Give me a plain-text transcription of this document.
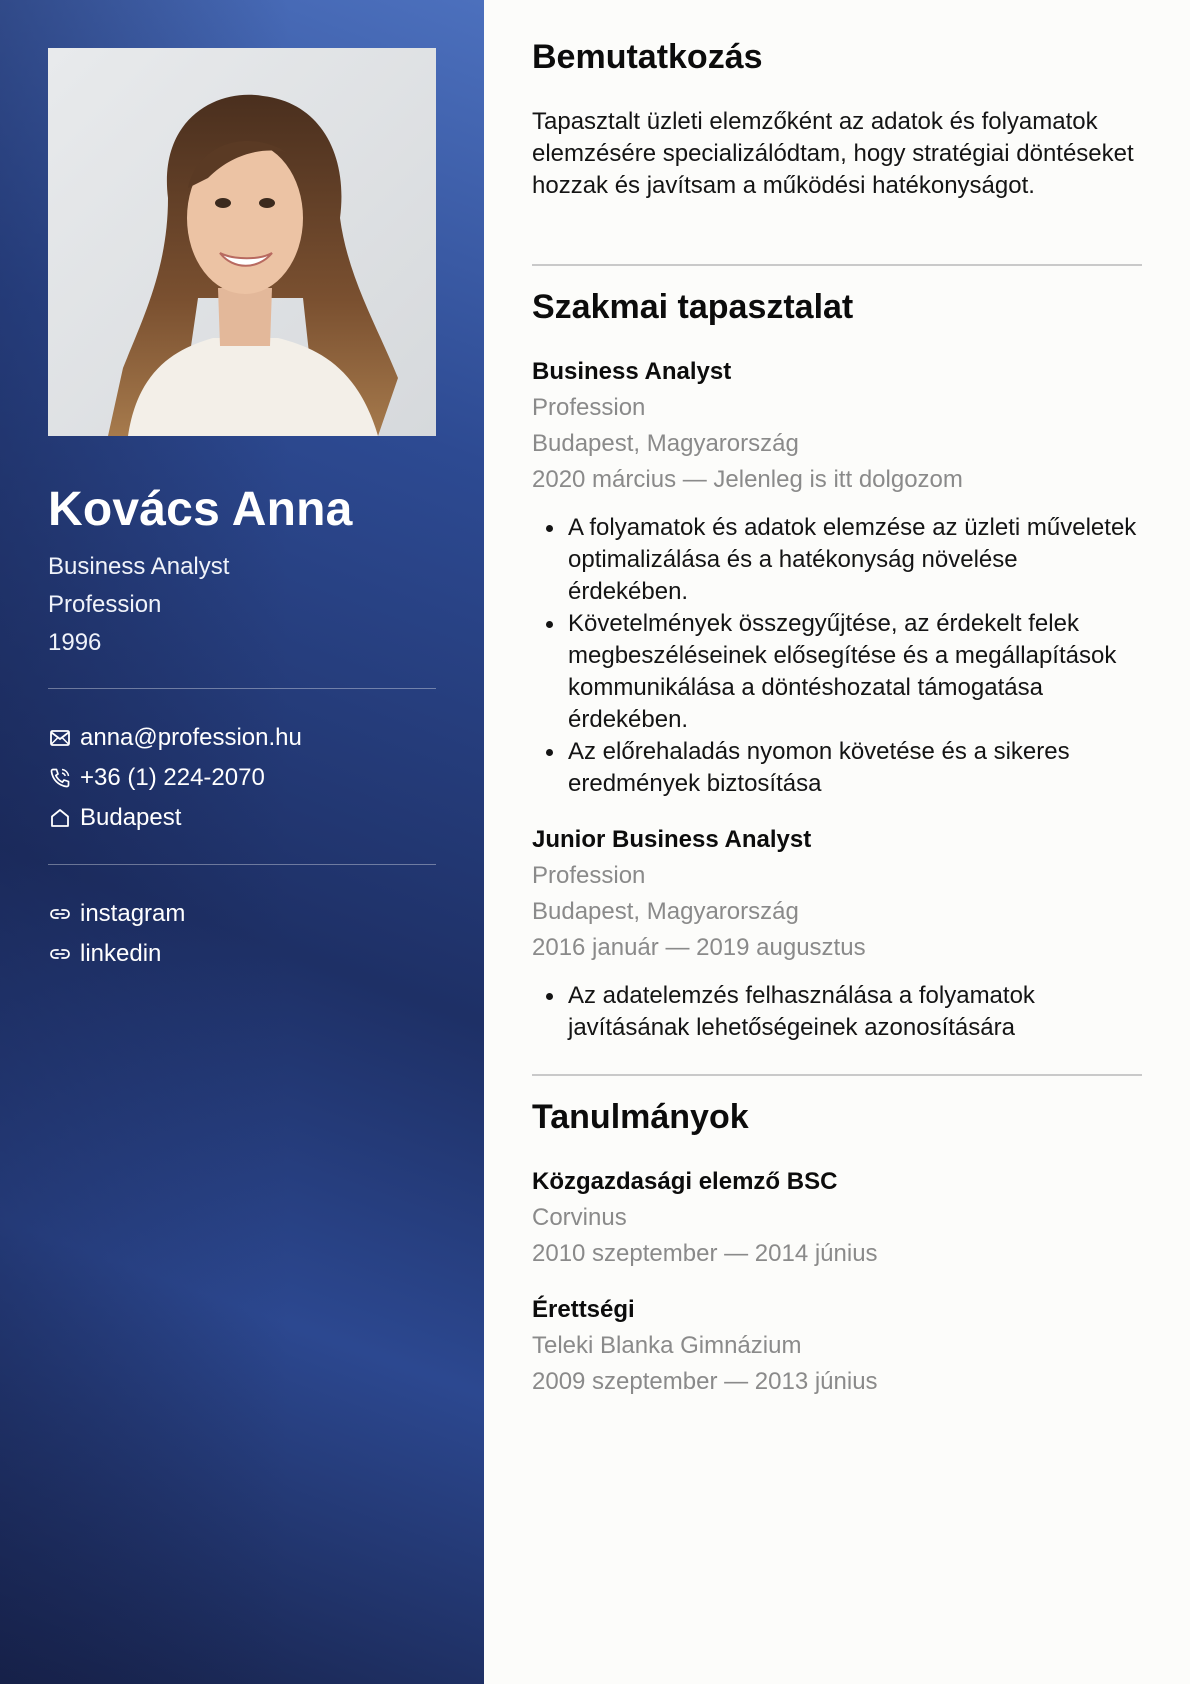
Kovács Anna
Business Analyst
Profession
1996
anna@profession.hu
+36 (1) 224-2070
Budapest
instagram
linkedin
Bemutatkozás
Tapasztalt üzleti elemzőként az adatok és folyamatok elemzésére specializálódtam, hogy stratégiai döntéseket hozzak és javítsam a működési hatékonyságot.
Szakmai tapasztalat
Business Analyst
Profession
Budapest, Magyarország
2020 március — Jelenleg is itt dolgozom
A folyamatok és adatok elemzése az üzleti műveletek optimalizálása és a hatékonyság növelése érdekében.
Követelmények összegyűjtése, az érdekelt felek megbeszéléseinek elősegítése és a megállapítások kommunikálása a döntéshozatal támogatása érdekében.
Az előrehaladás nyomon követése és a sikeres eredmények biztosítása
Junior Business Analyst
Profession
Budapest, Magyarország
2016 január — 2019 augusztus
Az adatelemzés felhasználása a folyamatok javításának lehetőségeinek azonosítására
Tanulmányok
Közgazdasági elemző BSC
Corvinus
2010 szeptember — 2014 június
Érettségi
Teleki Blanka Gimnázium
2009 szeptember — 2013 június
